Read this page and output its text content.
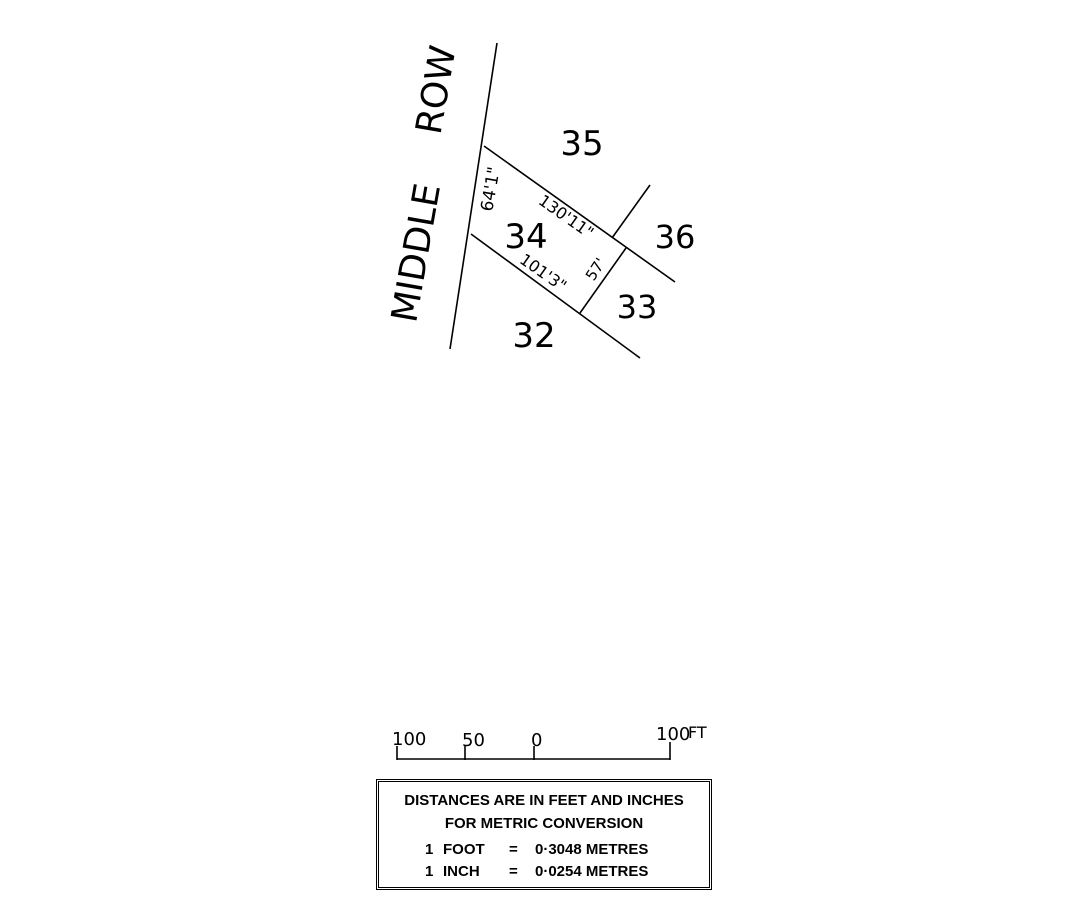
MIDDLE
ROW
35
36
34
33
32
64'1"
130'11"
101'3" 57'
100 50	0	100
FT
DISTANCES ARE IN FEET AND INCHES
FOR METRIC CONVERSION
1 FOOT = 0·3048 METRES
1 INCH = 0·0254 METRES
